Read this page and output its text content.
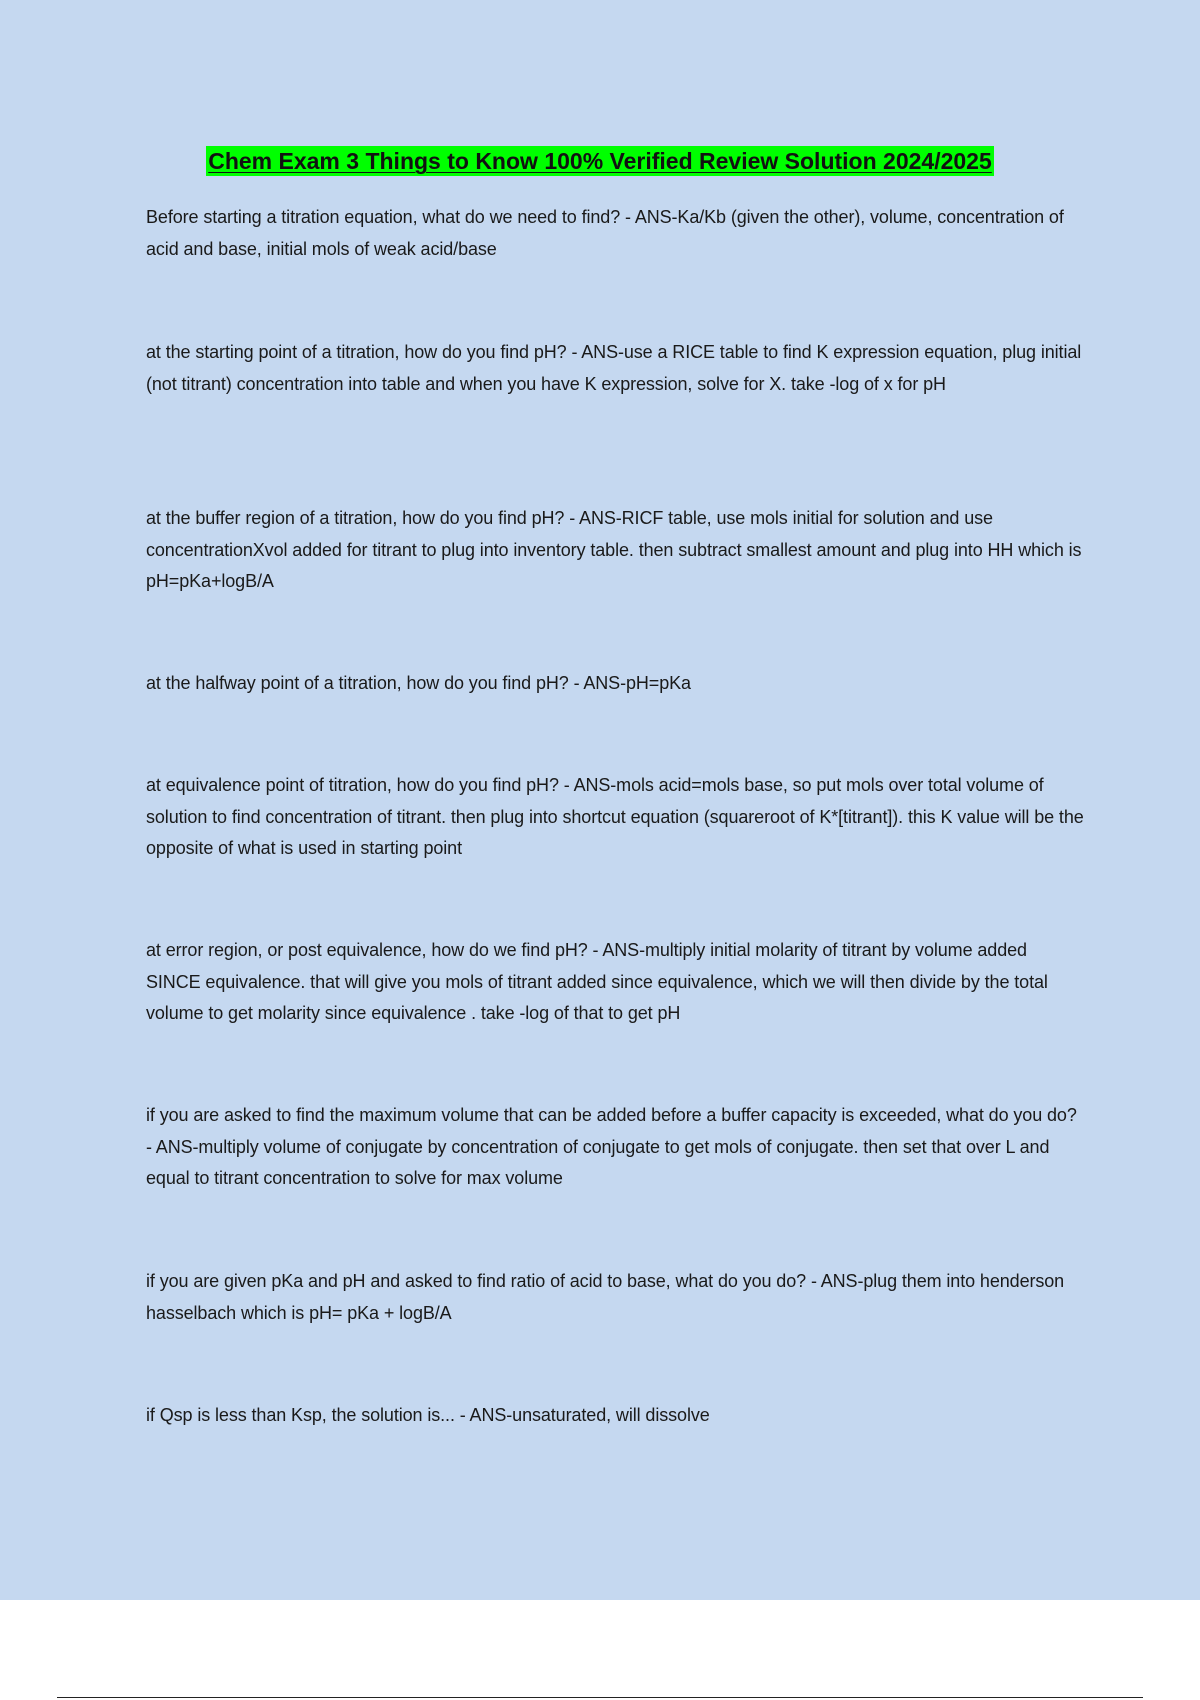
Chem Exam 3 Things to Know 100% Verified Review Solution 2024/2025

Before starting a titration equation, what do we need to find? - ANS-Ka/Kb (given the other), volume, concentration of acid and base, initial mols of weak acid/base

at the starting point of a titration, how do you find pH? - ANS-use a RICE table to find K expression equation, plug initial (not titrant) concentration into table and when you have K expression, solve for X. take -log of x for pH

at the buffer region of a titration, how do you find pH? - ANS-RICF table, use mols initial for solution and use concentrationXvol added for titrant to plug into inventory table. then subtract smallest amount and plug into HH which is pH=pKa+logB/A

at the halfway point of a titration, how do you find pH? - ANS-pH=pKa

at equivalence point of titration, how do you find pH? - ANS-mols acid=mols base, so put mols over total volume of solution to find concentration of titrant. then plug into shortcut equation (squareroot of K*[titrant]). this K value will be the opposite of what is used in starting point

at error region, or post equivalence, how do we find pH? - ANS-multiply initial molarity of titrant by volume added SINCE equivalence. that will give you mols of titrant added since equivalence, which we will then divide by the total volume to get molarity since equivalence . take -log of that to get pH

if you are asked to find the maximum volume that can be added before a buffer capacity is exceeded, what do you do? - ANS-multiply volume of conjugate by concentration of conjugate to get mols of conjugate. then set that over L and equal to titrant concentration to solve for max volume

if you are given pKa and pH and asked to find ratio of acid to base, what do you do? - ANS-plug them into henderson hasselbach which is pH= pKa + logB/A

if Qsp is less than Ksp, the solution is... - ANS-unsaturated, will dissolve
